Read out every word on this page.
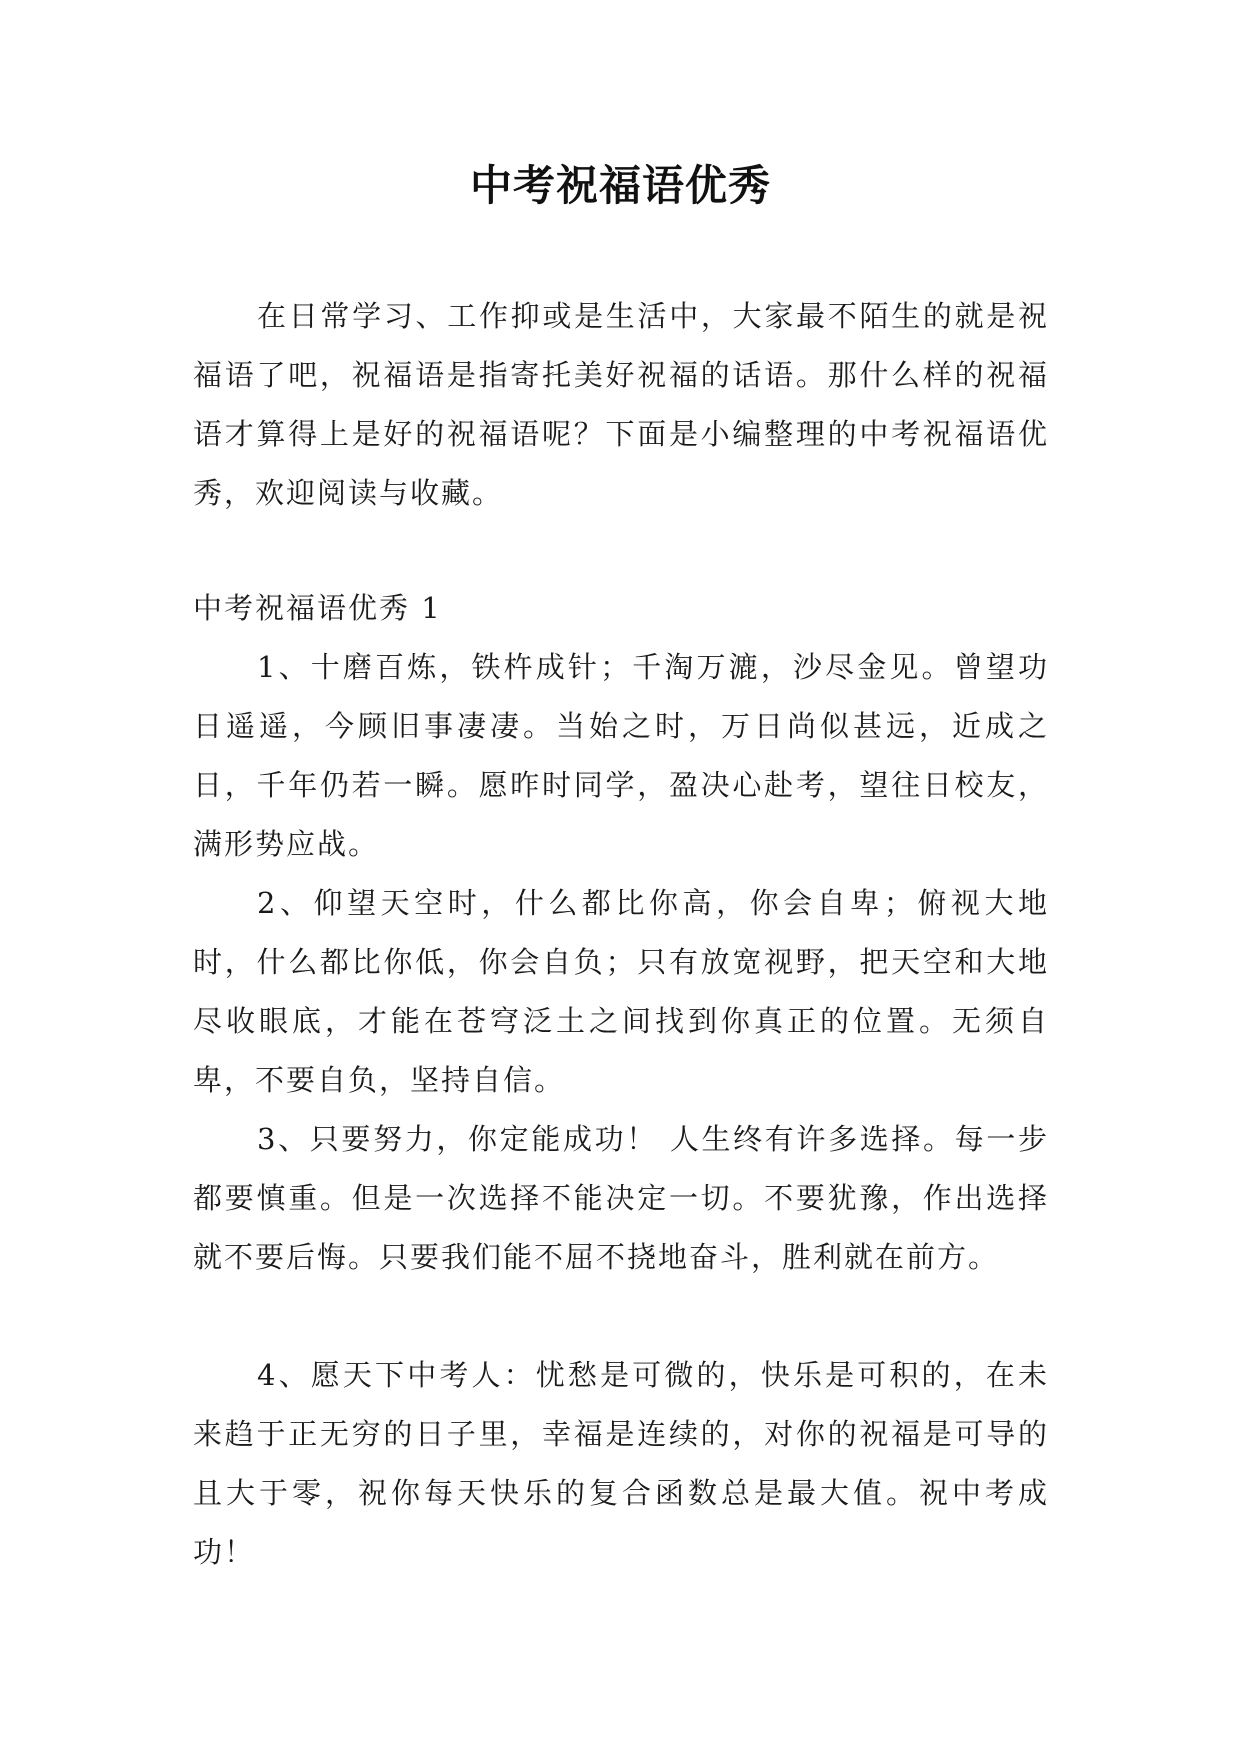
中考祝福语优秀

在日常学习、工作抑或是生活中，大家最不陌生的就是祝福语了吧，祝福语是指寄托美好祝福的话语。那什么样的祝福语才算得上是好的祝福语呢？下面是小编整理的中考祝福语优秀，欢迎阅读与收藏。

中考祝福语优秀 1

1、十磨百炼，铁杵成针；千淘万漉，沙尽金见。曾望功日遥遥，今顾旧事凄凄。当始之时，万日尚似甚远，近成之日，千年仍若一瞬。愿昨时同学，盈决心赴考，望往日校友，满形势应战。

2、仰望天空时，什么都比你高，你会自卑；俯视大地时，什么都比你低，你会自负；只有放宽视野，把天空和大地尽收眼底，才能在苍穹泛土之间找到你真正的位置。无须自卑，不要自负，坚持自信。

3、只要努力，你定能成功！ 人生终有许多选择。每一步都要慎重。但是一次选择不能决定一切。不要犹豫，作出选择就不要后悔。只要我们能不屈不挠地奋斗，胜利就在前方。

4、愿天下中考人：忧愁是可微的，快乐是可积的，在未来趋于正无穷的日子里，幸福是连续的，对你的祝福是可导的且大于零，祝你每天快乐的复合函数总是最大值。祝中考成功！
